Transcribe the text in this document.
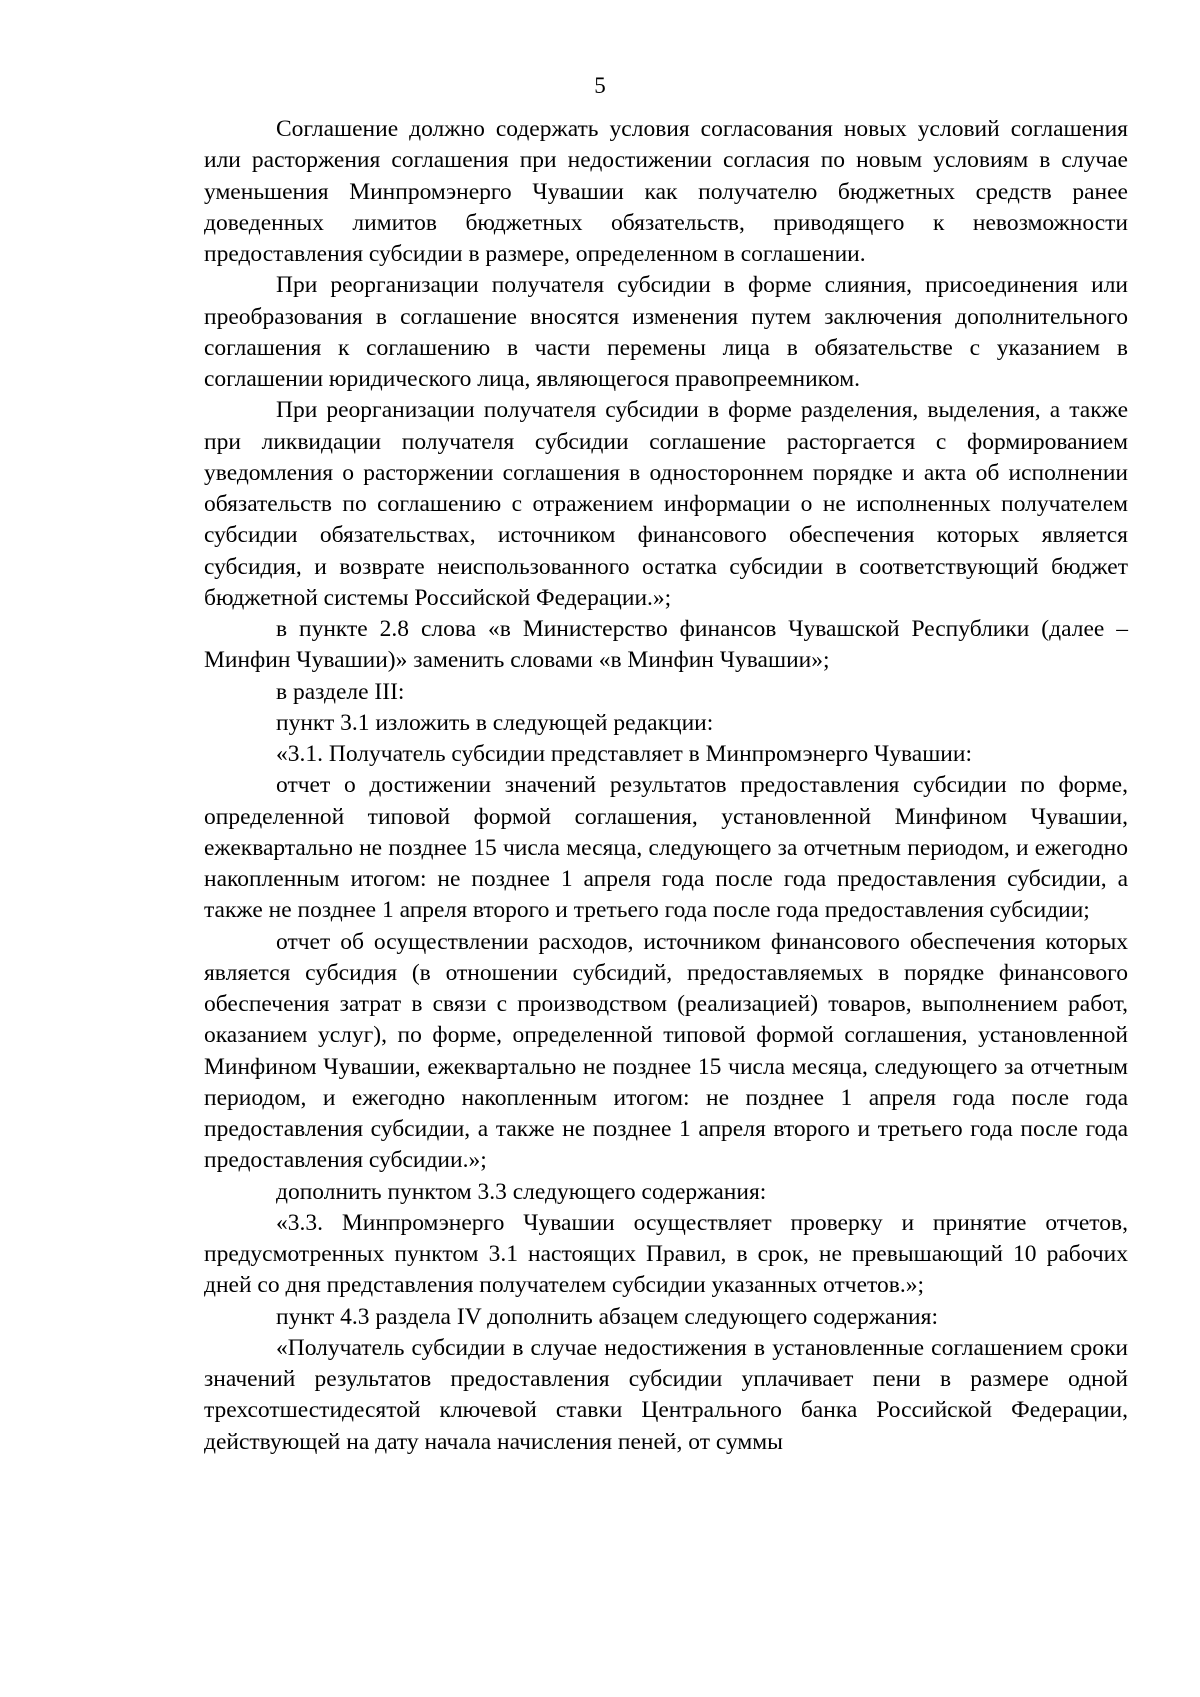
5

Соглашение должно содержать условия согласования новых условий соглашения или расторжения соглашения при недостижении согласия по новым условиям в случае уменьшения Минпромэнерго Чувашии как получателю бюджетных средств ранее доведенных лимитов бюджетных обязательств, приводящего к невозможности предоставления субсидии в размере, определенном в соглашении.

При реорганизации получателя субсидии в форме слияния, присоединения или преобразования в соглашение вносятся изменения путем заключения дополнительного соглашения к соглашению в части перемены лица в обязательстве с указанием в соглашении юридического лица, являющегося правопреемником.

При реорганизации получателя субсидии в форме разделения, выделения, а также при ликвидации получателя субсидии соглашение расторгается с формированием уведомления о расторжении соглашения в одностороннем порядке и акта об исполнении обязательств по соглашению с отражением информации о не исполненных получателем субсидии обязательствах, источником финансового обеспечения которых является субсидия, и возврате неиспользованного остатка субсидии в соответствующий бюджет бюджетной системы Российской Федерации.»;

в пункте 2.8 слова «в Министерство финансов Чувашской Республики (далее – Минфин Чувашии)» заменить словами «в Минфин Чувашии»;

в разделе III:

пункт 3.1 изложить в следующей редакции:

«3.1. Получатель субсидии представляет в Минпромэнерго Чувашии:

отчет о достижении значений результатов предоставления субсидии по форме, определенной типовой формой соглашения, установленной Минфином Чувашии, ежеквартально не позднее 15 числа месяца, следующего за отчетным периодом, и ежегодно накопленным итогом: не позднее 1 апреля года после года предоставления субсидии, а также не позднее 1 апреля второго и третьего года после года предоставления субсидии;

отчет об осуществлении расходов, источником финансового обеспечения которых является субсидия (в отношении субсидий, предоставляемых в порядке финансового обеспечения затрат в связи с производством (реализацией) товаров, выполнением работ, оказанием услуг), по форме, определенной типовой формой соглашения, установленной Минфином Чувашии, ежеквартально не позднее 15 числа месяца, следующего за отчетным периодом, и ежегодно накопленным итогом: не позднее 1 апреля года после года предоставления субсидии, а также не позднее 1 апреля второго и третьего года после года предоставления субсидии.»;

дополнить пунктом 3.3 следующего содержания:

«3.3. Минпромэнерго Чувашии осуществляет проверку и принятие отчетов, предусмотренных пунктом 3.1 настоящих Правил, в срок, не превышающий 10 рабочих дней со дня представления получателем субсидии указанных отчетов.»;

пункт 4.3 раздела IV дополнить абзацем следующего содержания:

«Получатель субсидии в случае недостижения в установленные соглашением сроки значений результатов предоставления субсидии уплачивает пени в размере одной трехсотшестидесятой ключевой ставки Центрального банка Российской Федерации, действующей на дату начала начисления пеней, от суммы
